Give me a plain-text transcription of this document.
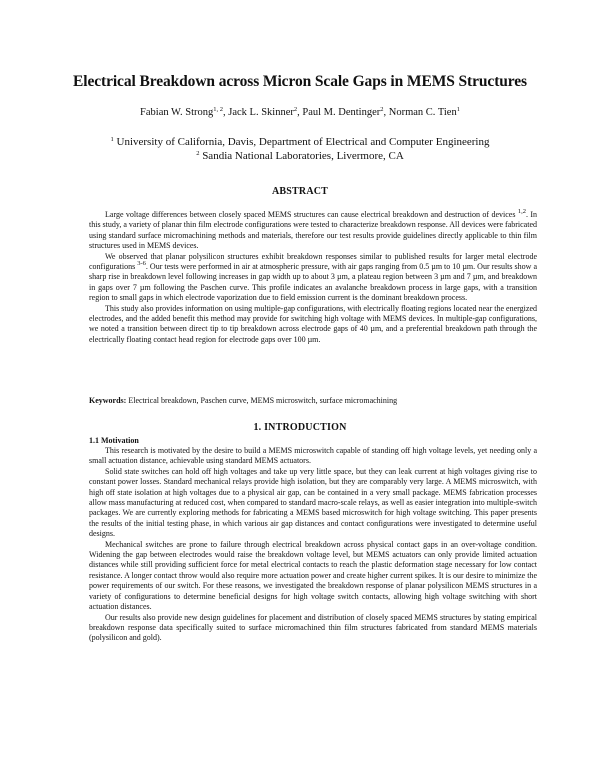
Electrical Breakdown across Micron Scale Gaps in MEMS Structures
Fabian W. Strong$^{1, 2}$, Jack L. Skinner$^2$, Paul M. Dentinger$^2$, Norman C. Tien$^1$
$^1$ University of California, Davis, Department of Electrical and Computer Engineering
$^2$ Sandia National Laboratories, Livermore, CA
ABSTRACT

Large voltage differences between closely spaced MEMS structures can cause electrical breakdown and destruction of devices $^{1,2}$. In this study, a variety of planar thin film electrode configurations were tested to characterize breakdown response. All devices were fabricated using standard surface micromachining methods and materials, therefore our test results provide guidelines directly applicable to thin film structures used in MEMS devices.

We observed that planar polysilicon structures exhibit breakdown responses similar to published results for larger metal electrode configurations $^{3-6}$. Our tests were performed in air at atmospheric pressure, with air gaps ranging from 0.5 µm to 10 µm. Our results show a sharp rise in breakdown level following increases in gap width up to about 3 µm, a plateau region between 3 µm and 7 µm, and breakdown in gaps over 7 µm following the Paschen curve. This profile indicates an avalanche breakdown process in large gaps, with a transition region to small gaps in which electrode vaporization due to field emission current is the dominant breakdown process.

This study also provides information on using multiple-gap configurations, with electrically floating regions located near the energized electrodes, and the added benefit this method may provide for switching high voltage with MEMS devices. In multiple-gap configurations, we noted a transition between direct tip to tip breakdown across electrode gaps of 40 µm, and a preferential breakdown path through the electrically floating contact head region for electrode gaps over 100 µm.

Keywords: Electrical breakdown, Paschen curve, MEMS microswitch, surface micromachining
1. INTRODUCTION
1.1 Motivation

This research is motivated by the desire to build a MEMS microswitch capable of standing off high voltage levels, yet needing only a small actuation distance, achievable using standard MEMS actuators.

Solid state switches can hold off high voltages and take up very little space, but they can leak current at high voltages giving rise to constant power losses. Standard mechanical relays provide high isolation, but they are comparably very large. A MEMS microswitch, with high off state isolation at high voltages due to a physical air gap, can be contained in a very small package. MEMS fabrication processes allow mass manufacturing at reduced cost, when compared to standard macro-scale relays, as well as easier integration into multiple-switch packages. We are currently exploring methods for fabricating a MEMS based microswitch for high voltage switching. This paper presents the results of the initial testing phase, in which various air gap distances and contact configurations were investigated to determine useful designs.

Mechanical switches are prone to failure through electrical breakdown across physical contact gaps in an over-voltage condition. Widening the gap between electrodes would raise the breakdown voltage level, but MEMS actuators can only provide limited actuation distances while still providing sufficient force for metal electrical contacts to reach the plastic deformation stage necessary for low contact resistance. A longer contact throw would also require more actuation power and create higher current spikes. It is our desire to minimize the power requirements of our switch. For these reasons, we investigated the breakdown response of planar polysilicon MEMS structures in a variety of configurations to determine beneficial designs for high voltage switch contacts, allowing high voltage switching with short actuation distances.

Our results also provide new design guidelines for placement and distribution of closely spaced MEMS structures by stating empirical breakdown response data specifically suited to surface micromachined thin film structures fabricated from standard MEMS materials (polysilicon and gold).
